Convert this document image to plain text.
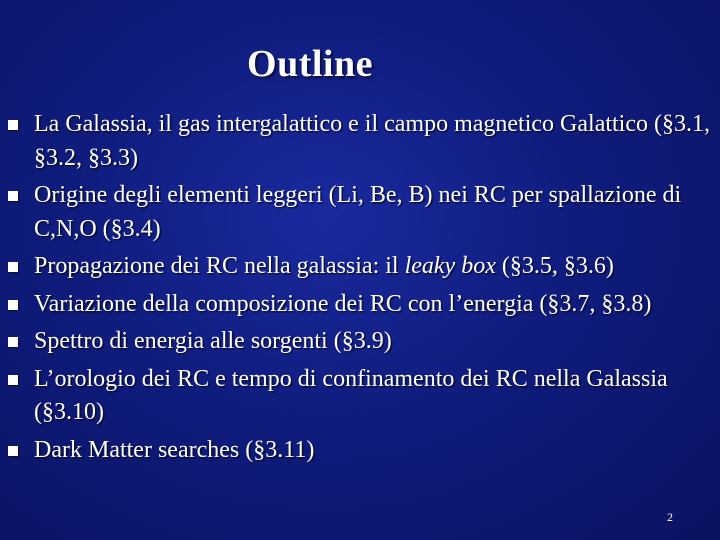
Outline
La Galassia, il gas intergalattico e il campo magnetico Galattico (§3.1, §3.2, §3.3)
Origine degli elementi leggeri (Li, Be, B) nei RC per spallazione di C,N,O (§3.4)
Propagazione dei RC nella galassia: il leaky box (§3.5, §3.6)
Variazione della composizione dei RC con l’energia (§3.7, §3.8)
Spettro di energia alle sorgenti (§3.9)
L’orologio dei RC e tempo di confinamento dei RC nella Galassia (§3.10)
Dark Matter searches (§3.11)
2
